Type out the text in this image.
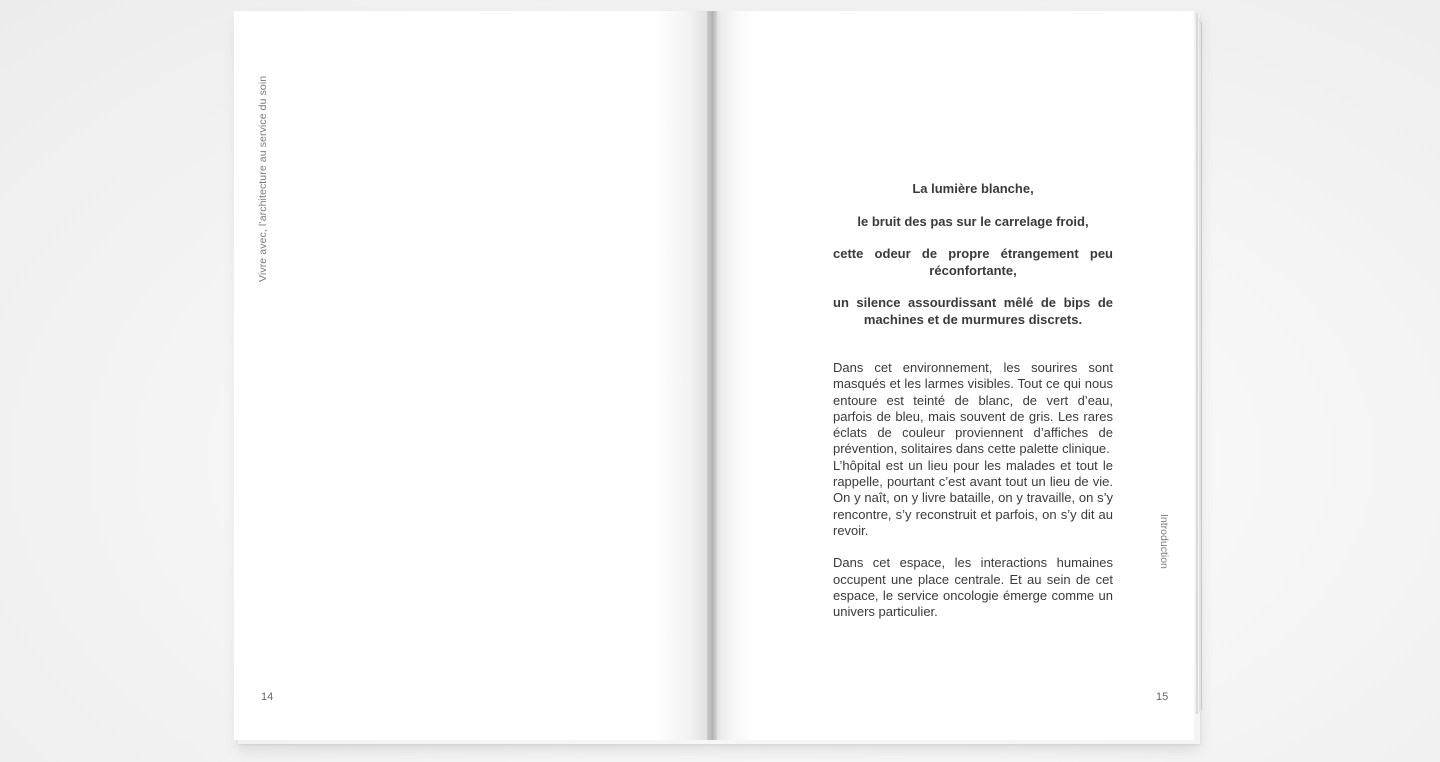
Vivre avec, l’architecture au service du soin
14
Introduction
15

La lumière blanche,

le bruit des pas sur le carrelage froid,

cette odeur de propre étrangement peu réconfortante,

un silence assourdissant mêlé de bips de machines et de murmures discrets.

Dans cet environnement, les sourires sont masqués et les larmes visibles. Tout ce qui nous entoure est teinté de blanc, de vert d’eau, parfois de bleu, mais souvent de gris. Les rares éclats de couleur proviennent d’affiches de prévention, solitaires dans cette palette clinique.

L’hôpital est un lieu pour les malades et tout le rappelle, pourtant c’est avant tout un lieu de vie. On y naît, on y livre bataille, on y travaille, on s’y rencontre, s’y reconstruit et parfois, on s’y dit au revoir.

Dans cet espace, les interactions humaines occupent une place centrale. Et au sein de cet espace, le service oncologie émerge comme un univers particulier.
